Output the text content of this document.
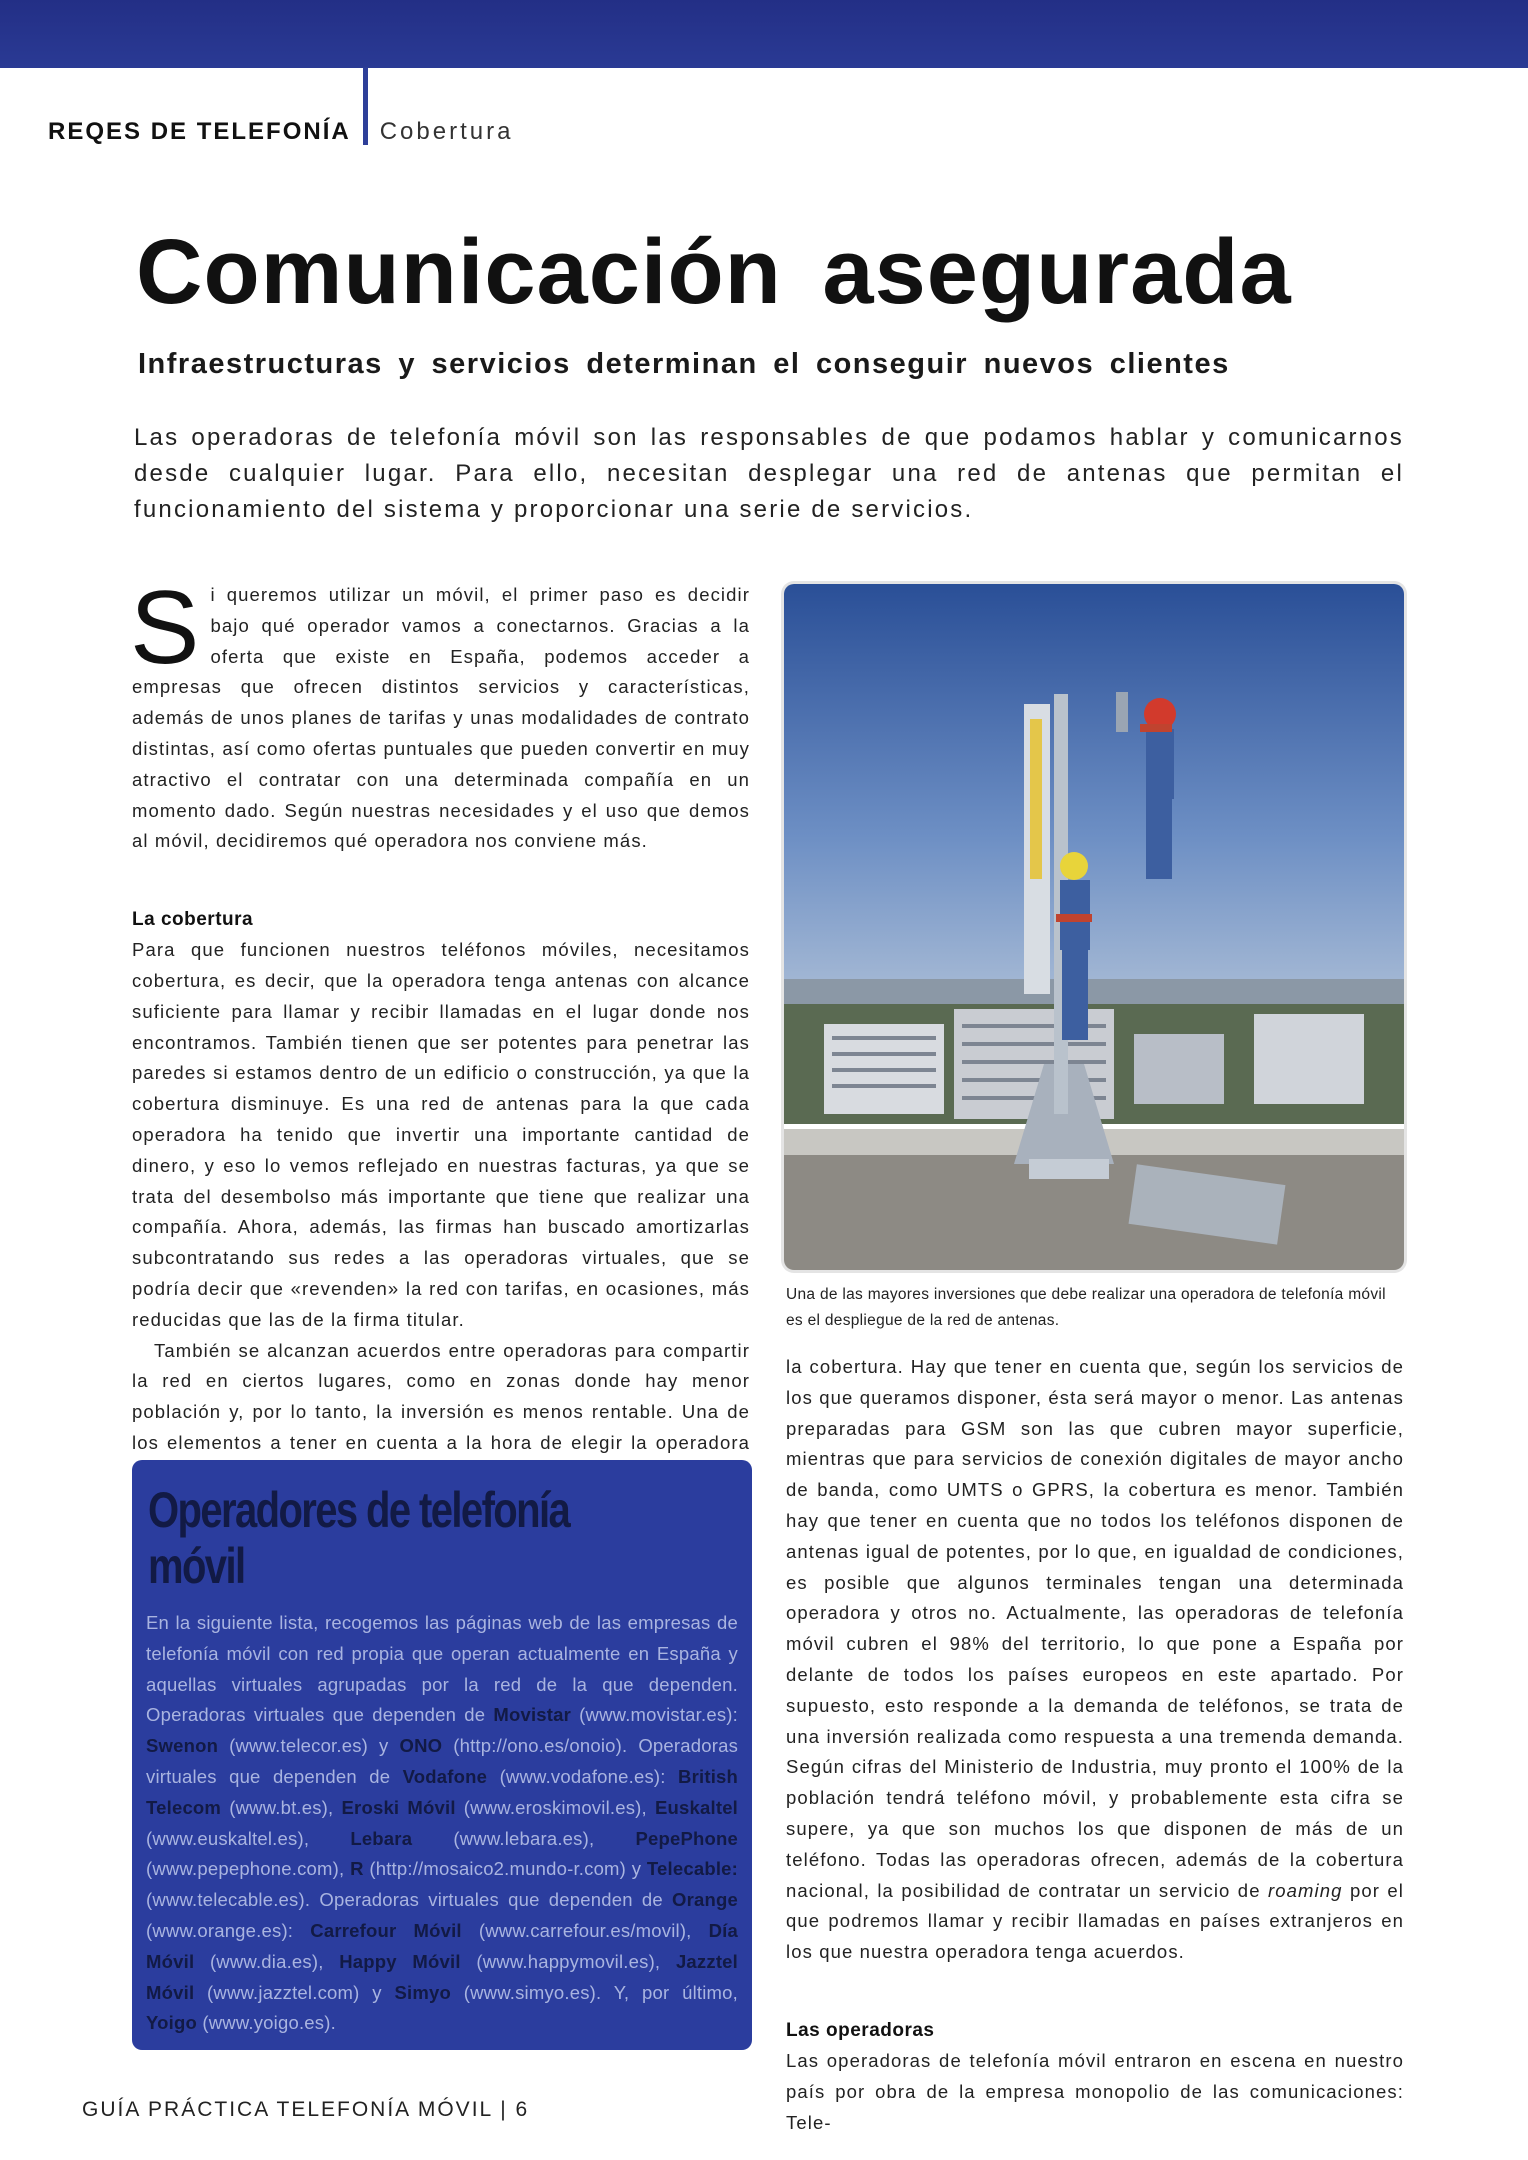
REQES DE TELEFONÍA Cobertura
Comunicación asegurada
Infraestructuras y servicios determinan el conseguir nuevos clientes

Las operadoras de telefonía móvil son las responsables de que podamos hablar y comunicarnos desde cualquier lugar. Para ello, necesitan desplegar una red de antenas que permitan el funcionamiento del sistema y proporcionar una serie de servicios.

Si queremos utilizar un móvil, el primer paso es decidir bajo qué operador vamos a conectarnos. Gracias a la oferta que existe en España, podemos acceder a empresas que ofrecen distintos servicios y características, además de unos planes de tarifas y unas modalidades de contrato distintas, así como ofertas puntuales que pueden convertir en muy atractivo el contratar con una determinada compañía en un momento dado. Según nuestras necesidades y el uso que demos al móvil, decidiremos qué operadora nos conviene más.

La cobertura

Para que funcionen nuestros teléfonos móviles, necesitamos cobertura, es decir, que la operadora tenga antenas con alcance suficiente para llamar y recibir llamadas en el lugar donde nos encontramos. También tienen que ser potentes para penetrar las paredes si estamos dentro de un edificio o construcción, ya que la cobertura disminuye. Es una red de antenas para la que cada operadora ha tenido que invertir una importante cantidad de dinero, y eso lo vemos reflejado en nuestras facturas, ya que se trata del desembolso más importante que tiene que realizar una compañía. Ahora, además, las firmas han buscado amortizarlas subcontratando sus redes a las operadoras virtuales, que se podría decir que «revenden» la red con tarifas, en ocasiones, más reducidas que las de la firma titular.

También se alcanzan acuerdos entre operadoras para compartir la red en ciertos lugares, como en zonas donde hay menor población y, por lo tanto, la inversión es menos rentable. Una de los elementos a tener en cuenta a la hora de elegir la operadora

Una de las mayores inversiones que debe realizar una operadora de telefonía móvil es el despliegue de la red de antenas.

la cobertura. Hay que tener en cuenta que, según los servicios de los que queramos disponer, ésta será mayor o menor. Las antenas preparadas para GSM son las que cubren mayor superficie, mientras que para servicios de conexión digitales de mayor ancho de banda, como UMTS o GPRS, la cobertura es menor. También hay que tener en cuenta que no todos los teléfonos disponen de antenas igual de potentes, por lo que, en igualdad de condiciones, es posible que algunos terminales tengan una determinada operadora y otros no. Actualmente, las operadoras de telefonía móvil cubren el 98% del territorio, lo que pone a España por delante de todos los países europeos en este apartado. Por supuesto, esto responde a la demanda de teléfonos, se trata de una inversión realizada como respuesta a una tremenda demanda. Según cifras del Ministerio de Industria, muy pronto el 100% de la población tendrá teléfono móvil, y probablemente esta cifra se supere, ya que son muchos los que disponen de más de un teléfono. Todas las operadoras ofrecen, además de la cobertura nacional, la posibilidad de contratar un servicio de roaming por el que podremos llamar y recibir llamadas en países extranjeros en los que nuestra operadora tenga acuerdos.

Las operadoras

Las operadoras de telefonía móvil entraron en escena en nuestro país por obra de la empresa monopolio de las comunicaciones: Tele-

Operadores de telefonía móvil

En la siguiente lista, recogemos las páginas web de las empresas de telefonía móvil con red propia que operan actualmente en España y aquellas virtuales agrupadas por la red de la que dependen. Operadoras virtuales que dependen de Movistar (www.movistar.es): Swenon (www.telecor.es) y ONO (http://ono.es/onoio). Operadoras virtuales que dependen de Vodafone (www.vodafone.es): British Telecom (www.bt.es), Eroski Móvil (www.eroskimovil.es), Euskaltel (www.euskaltel.es), Lebara (www.lebara.es), PepePhone (www.pepephone.com), R (http://mosaico2.mundo-r.com) y Telecable: (www.telecable.es). Operadoras virtuales que dependen de Orange (www.orange.es): Carrefour Móvil (www.carrefour.es/movil), Día Móvil (www.dia.es), Happy Móvil (www.happymovil.es), Jazztel Móvil (www.jazztel.com) y Simyo (www.simyo.es). Y, por último, Yoigo (www.yoigo.es).

GUÍA PRÁCTICA TELEFONÍA MÓVIL | 6
